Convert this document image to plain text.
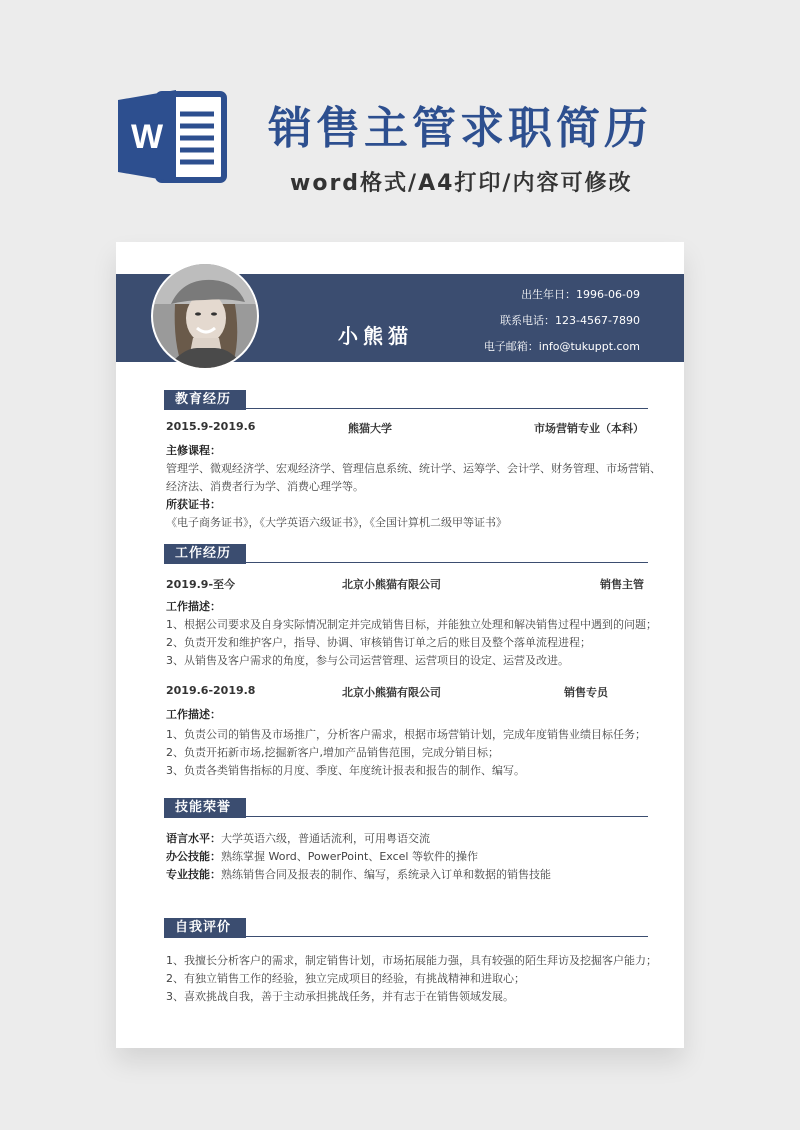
W 销售主管求职简历
word格式/A4打印/内容可修改
小熊猫
求职意向： 销售主管
出生年日：1996-06-09
联系电话：123-4567-7890
电子邮箱：info@tukuppt.com
教育经历
2015.9-2019.6	熊猫大学	市场营销专业（本科）
主修课程：
管理学、微观经济学、宏观经济学、管理信息系统、统计学、运筹学、会计学、财务管理、市场营销、
经济法、消费者行为学、消费心理学等。
所获证书：
《电子商务证书》，《大学英语六级证书》，《全国计算机二级甲等证书》
工作经历
2019.9-至今	北京小熊猫有限公司	销售主管
工作描述：
1、根据公司要求及自身实际情况制定并完成销售目标，并能独立处理和解决销售过程中遇到的问题；
2、负责开发和维护客户，指导、协调、审核销售订单之后的账目及整个落单流程进程；
3、从销售及客户需求的角度，参与公司运营管理、运营项目的设定、运营及改进。
2019.6-2019.8	北京小熊猫有限公司	销售专员
工作描述：
1、负责公司的销售及市场推广，分析客户需求，根据市场营销计划，完成年度销售业绩目标任务；
2、负责开拓新市场,挖掘新客户,增加产品销售范围，完成分销目标；
3、负责各类销售指标的月度、季度、年度统计报表和报告的制作、编写。
技能荣誉
语言水平：大学英语六级，普通话流利，可用粤语交流
办公技能：熟练掌握 Word、PowerPoint、Excel 等软件的操作
专业技能：熟练销售合同及报表的制作、编写，系统录入订单和数据的销售技能
自我评价
1、我擅长分析客户的需求，制定销售计划，市场拓展能力强，具有较强的陌生拜访及挖掘客户能力；
2、有独立销售工作的经验，独立完成项目的经验，有挑战精神和进取心；
3、喜欢挑战自我，善于主动承担挑战任务，并有志于在销售领域发展。
